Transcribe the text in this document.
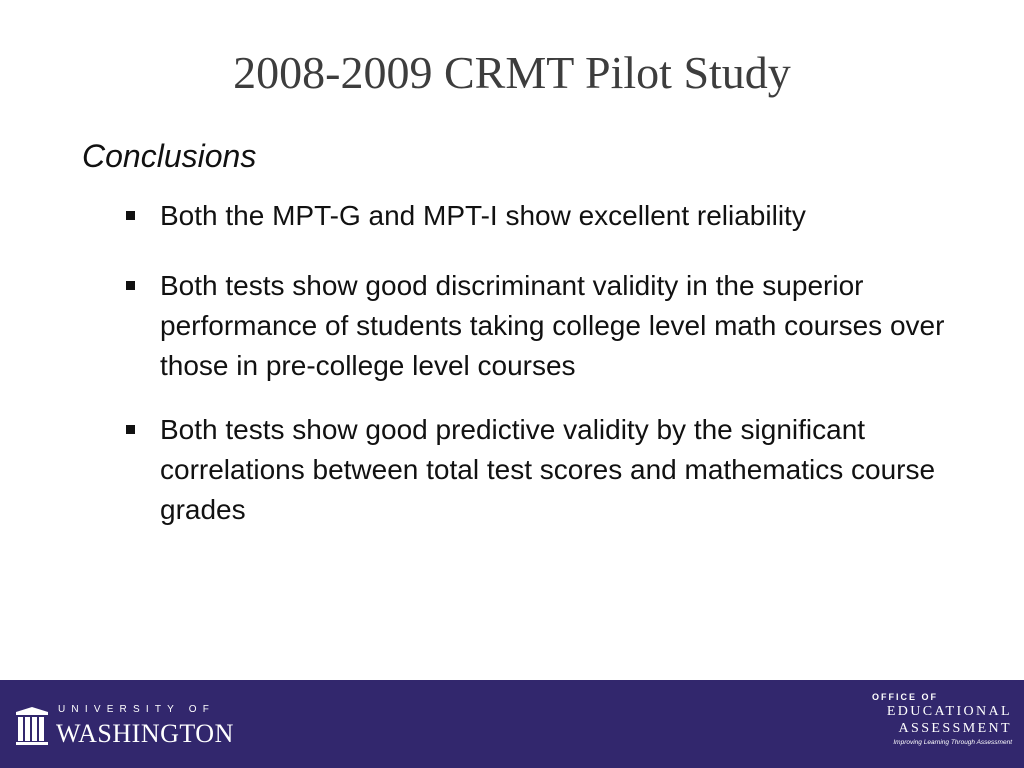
2008-2009 CRMT Pilot Study
Conclusions
Both the MPT-G and MPT-I show excellent reliability
Both tests show good discriminant validity in the superior performance of students taking college level math courses over those in pre-college level courses
Both tests show good predictive validity by the significant correlations between total test scores and mathematics course grades
UNIVERSITY OF
WASHINGTON
OFFICE OF
EDUCATIONAL
ASSESSMENT
Improving Learning Through Assessment
